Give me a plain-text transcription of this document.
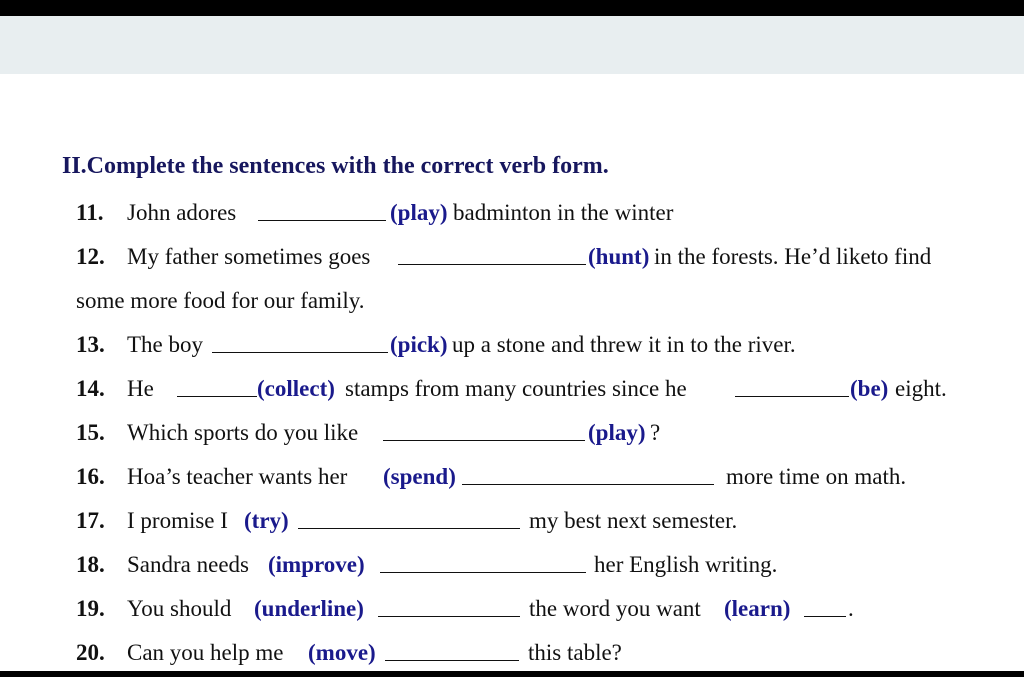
II.Complete the sentences with the correct verb form.
11. John adores	(play) badminton in the winter
12. My father sometimes goes	(hunt) in the forests. He’d liketo find
some more food for our family.
13. The boy	(pick) up a stone and threw it in to the river.
14. He	(collect) stamps from many countries since he	(be) eight.
15. Which sports do you like	(play) ?
16. Hoa’s teacher wants her (spend)	more time on math.
17. I promise I (try)	my best next semester.
18. Sandra needs (improve)	her English writing.
19. You should (underline)	the word you want (learn)	.
20. Can you help me (move)	this table?
